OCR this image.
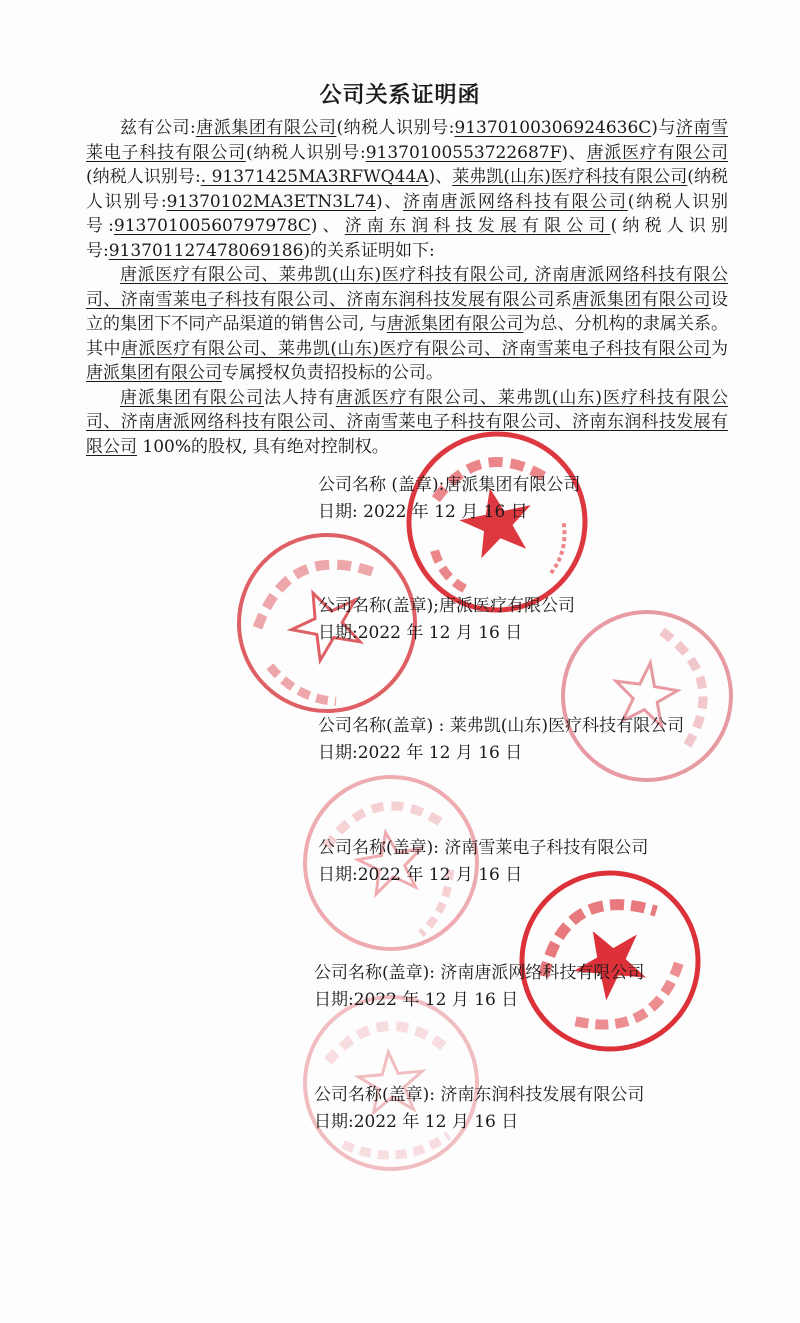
公司关系证明函

兹有公司:唐派集团有限公司(纳税人识别号:91370100306924636C)与济南雪莱电子科技有限公司(纳税人识别号:91370100553722687F)、唐派医疗有限公司(纳税人识别号:. 91371425MA3RFWQ44A)、莱弗凯(山东)医疗科技有限公司(纳税人识别号:91370102MA3ETN3L74)、济南唐派网络科技有限公司(纳税人识别号:91370100560797978C)、济南东润科技发展有限公司(纳税人识别号:913701127478069186)的关系证明如下:

唐派医疗有限公司、莱弗凯(山东)医疗科技有限公司, 济南唐派网络科技有限公司、济南雪莱电子科技有限公司、济南东润科技发展有限公司系唐派集团有限公司设立的集团下不同产品渠道的销售公司, 与唐派集团有限公司为总、分机构的隶属关系。其中唐派医疗有限公司、莱弗凯(山东)医疗有限公司、济南雪莱电子科技有限公司为唐派集团有限公司专属授权负责招投标的公司。

唐派集团有限公司法人持有唐派医疗有限公司、莱弗凯(山东)医疗科技有限公司、济南唐派网络科技有限公司、济南雪莱电子科技有限公司、济南东润科技发展有限公司 100%的股权, 具有绝对控制权。

公司名称 (盖章):唐派集团有限公司
日期: 2022 年 12 月 16 日
公司名称(盖章);唐派医疗有限公司
日期:2022 年 12 月 16 日
公司名称(盖章) : 莱弗凯(山东)医疗科技有限公司
日期:2022 年 12 月 16 日
公司名称(盖章): 济南雪莱电子科技有限公司
日期:2022 年 12 月 16 日
公司名称(盖章): 济南唐派网络科技有限公司
日期:2022 年 12 月 16 日
公司名称(盖章): 济南东润科技发展有限公司
日期:2022 年 12 月 16 日
